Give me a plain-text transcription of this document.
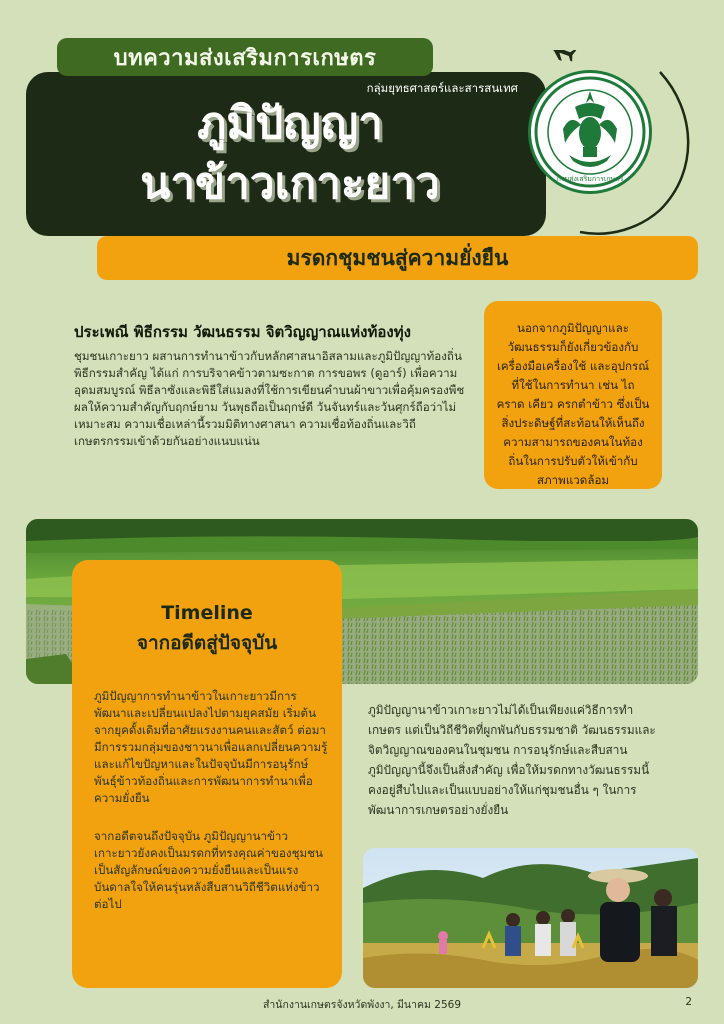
กรมส่งเสริมการเกษตร
บทความส่งเสริมการเกษตร
กลุ่มยุทธศาสตร์และสารสนเทศ
ภูมิปัญญา
นาข้าวเกาะยาว
มรดกชุมชนสู่ความยั่งยืน
ประเพณี พิธีกรรม วัฒนธรรม จิตวิญญาณแห่งท้องทุ่ง
ชุมชนเกาะยาว ผสานการทำนาข้าวกับหลักศาสนาอิสลามและภูมิปัญญาท้องถิ่น พิธีกรรมสำคัญ ได้แก่ การบริจาคข้าวตามซะกาต การขอพร (ดูอาร์) เพื่อความอุดมสมบูรณ์ พิธีลาซังและพิธีใส่แมลงที่ใช้การเขียนคำบนผ้าขาวเพื่อคุ้มครองพืชผลให้ความสำคัญกับฤกษ์ยาม วันพุธถือเป็นฤกษ์ดี วันจันทร์และวันศุกร์ถือว่าไม่เหมาะสม ความเชื่อเหล่านี้รวมมิติทางศาสนา ความเชื่อท้องถิ่นและวิถีเกษตรกรรมเข้าด้วยกันอย่างแนบแน่น
นอกจากภูมิปัญญาและวัฒนธรรมก็ยังเกี่ยวข้องกับเครื่องมือเครื่องใช้ และอุปกรณ์ที่ใช้ในการทำนา เช่น ไถ คราด เคียว ครกตำข้าว ซึ่งเป็นสิ่งประดิษฐ์ที่สะท้อนให้เห็นถึงความสามารถของคนในท้องถิ่นในการปรับตัวให้เข้ากับสภาพแวดล้อม
Timeline
จากอดีตสู่ปัจจุบัน
ภูมิปัญญาการทำนาข้าวในเกาะยาวมีการพัฒนาและเปลี่ยนแปลงไปตามยุคสมัย เริ่มต้นจากยุคดั้งเดิมที่อาศัยแรงงานคนและสัตว์ ต่อมามีการรวมกลุ่มของชาวนาเพื่อแลกเปลี่ยนความรู้และแก้ไขปัญหาและในปัจจุบันมีการอนุรักษ์พันธุ์ข้าวท้องถิ่นและการพัฒนาการทำนาเพื่อความยั่งยืน
จากอดีตจนถึงปัจจุบัน ภูมิปัญญานาข้าวเกาะยาวยังคงเป็นมรดกที่ทรงคุณค่าของชุมชน เป็นสัญลักษณ์ของความยั่งยืนและเป็นแรงบันดาลใจให้คนรุ่นหลังสืบสานวิถีชีวิตแห่งข้าวต่อไป
ภูมิปัญญานาข้าวเกาะยาวไม่ได้เป็นเพียงแค่วิธีการทำเกษตร แต่เป็นวิถีชีวิตที่ผูกพันกับธรรมชาติ วัฒนธรรมและจิตวิญญาณของคนในชุมชน การอนุรักษ์และสืบสานภูมิปัญญานี้จึงเป็นสิ่งสำคัญ เพื่อให้มรดกทางวัฒนธรรมนี้คงอยู่สืบไปและเป็นแบบอย่างให้แก่ชุมชนอื่น ๆ ในการพัฒนาการเกษตรอย่างยั่งยืน
สำนักงานเกษตรจังหวัดพังงา, มีนาคม 2569	2
